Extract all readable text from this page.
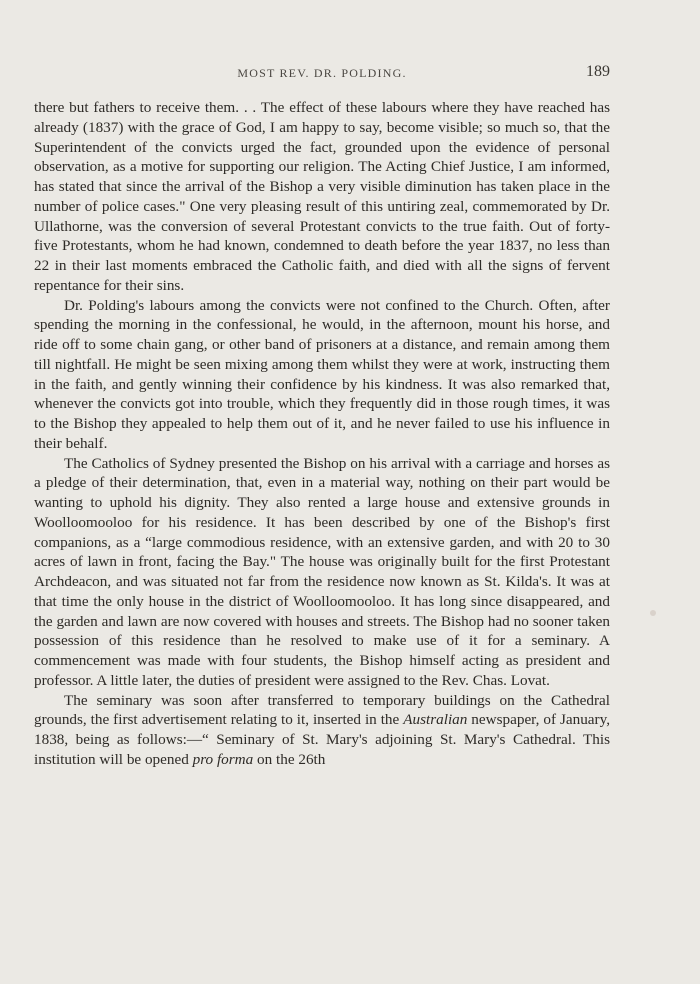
MOST REV. DR. POLDING.	189

there but fathers to receive them. . . The effect of these labours where they have reached has already (1837) with the grace of God, I am happy to say, become visible; so much so, that the Superintendent of the convicts urged the fact, grounded upon the evidence of personal observation, as a motive for supporting our religion. The Acting Chief Justice, I am informed, has stated that since the arrival of the Bishop a very visible diminution has taken place in the number of police cases." One very pleasing result of this untiring zeal, commemorated by Dr. Ullathorne, was the conversion of several Protestant convicts to the true faith. Out of forty-five Protestants, whom he had known, condemned to death before the year 1837, no less than 22 in their last moments embraced the Catholic faith, and died with all the signs of fervent repentance for their sins.

Dr. Polding's labours among the convicts were not confined to the Church. Often, after spending the morning in the confessional, he would, in the afternoon, mount his horse, and ride off to some chain gang, or other band of prisoners at a distance, and remain among them till nightfall. He might be seen mixing among them whilst they were at work, instructing them in the faith, and gently winning their confidence by his kindness. It was also remarked that, whenever the convicts got into trouble, which they frequently did in those rough times, it was to the Bishop they appealed to help them out of it, and he never failed to use his influence in their behalf.

The Catholics of Sydney presented the Bishop on his arrival with a carriage and horses as a pledge of their determination, that, even in a material way, nothing on their part would be wanting to uphold his dignity. They also rented a large house and extensive grounds in Woolloomooloo for his residence. It has been described by one of the Bishop's first companions, as a “large commodious residence, with an extensive garden, and with 20 to 30 acres of lawn in front, facing the Bay." The house was originally built for the first Protestant Archdeacon, and was situated not far from the residence now known as St. Kilda's. It was at that time the only house in the district of Woolloomooloo. It has long since disappeared, and the garden and lawn are now covered with houses and streets. The Bishop had no sooner taken possession of this residence than he resolved to make use of it for a seminary. A commencement was made with four students, the Bishop himself acting as president and professor. A little later, the duties of president were assigned to the Rev. Chas. Lovat.

The seminary was soon after transferred to temporary buildings on the Cathedral grounds, the first advertisement relating to it, inserted in the Australian newspaper, of January, 1838, being as follows:—“ Seminary of St. Mary's adjoining St. Mary's Cathedral. This institution will be opened pro forma on the 26th
